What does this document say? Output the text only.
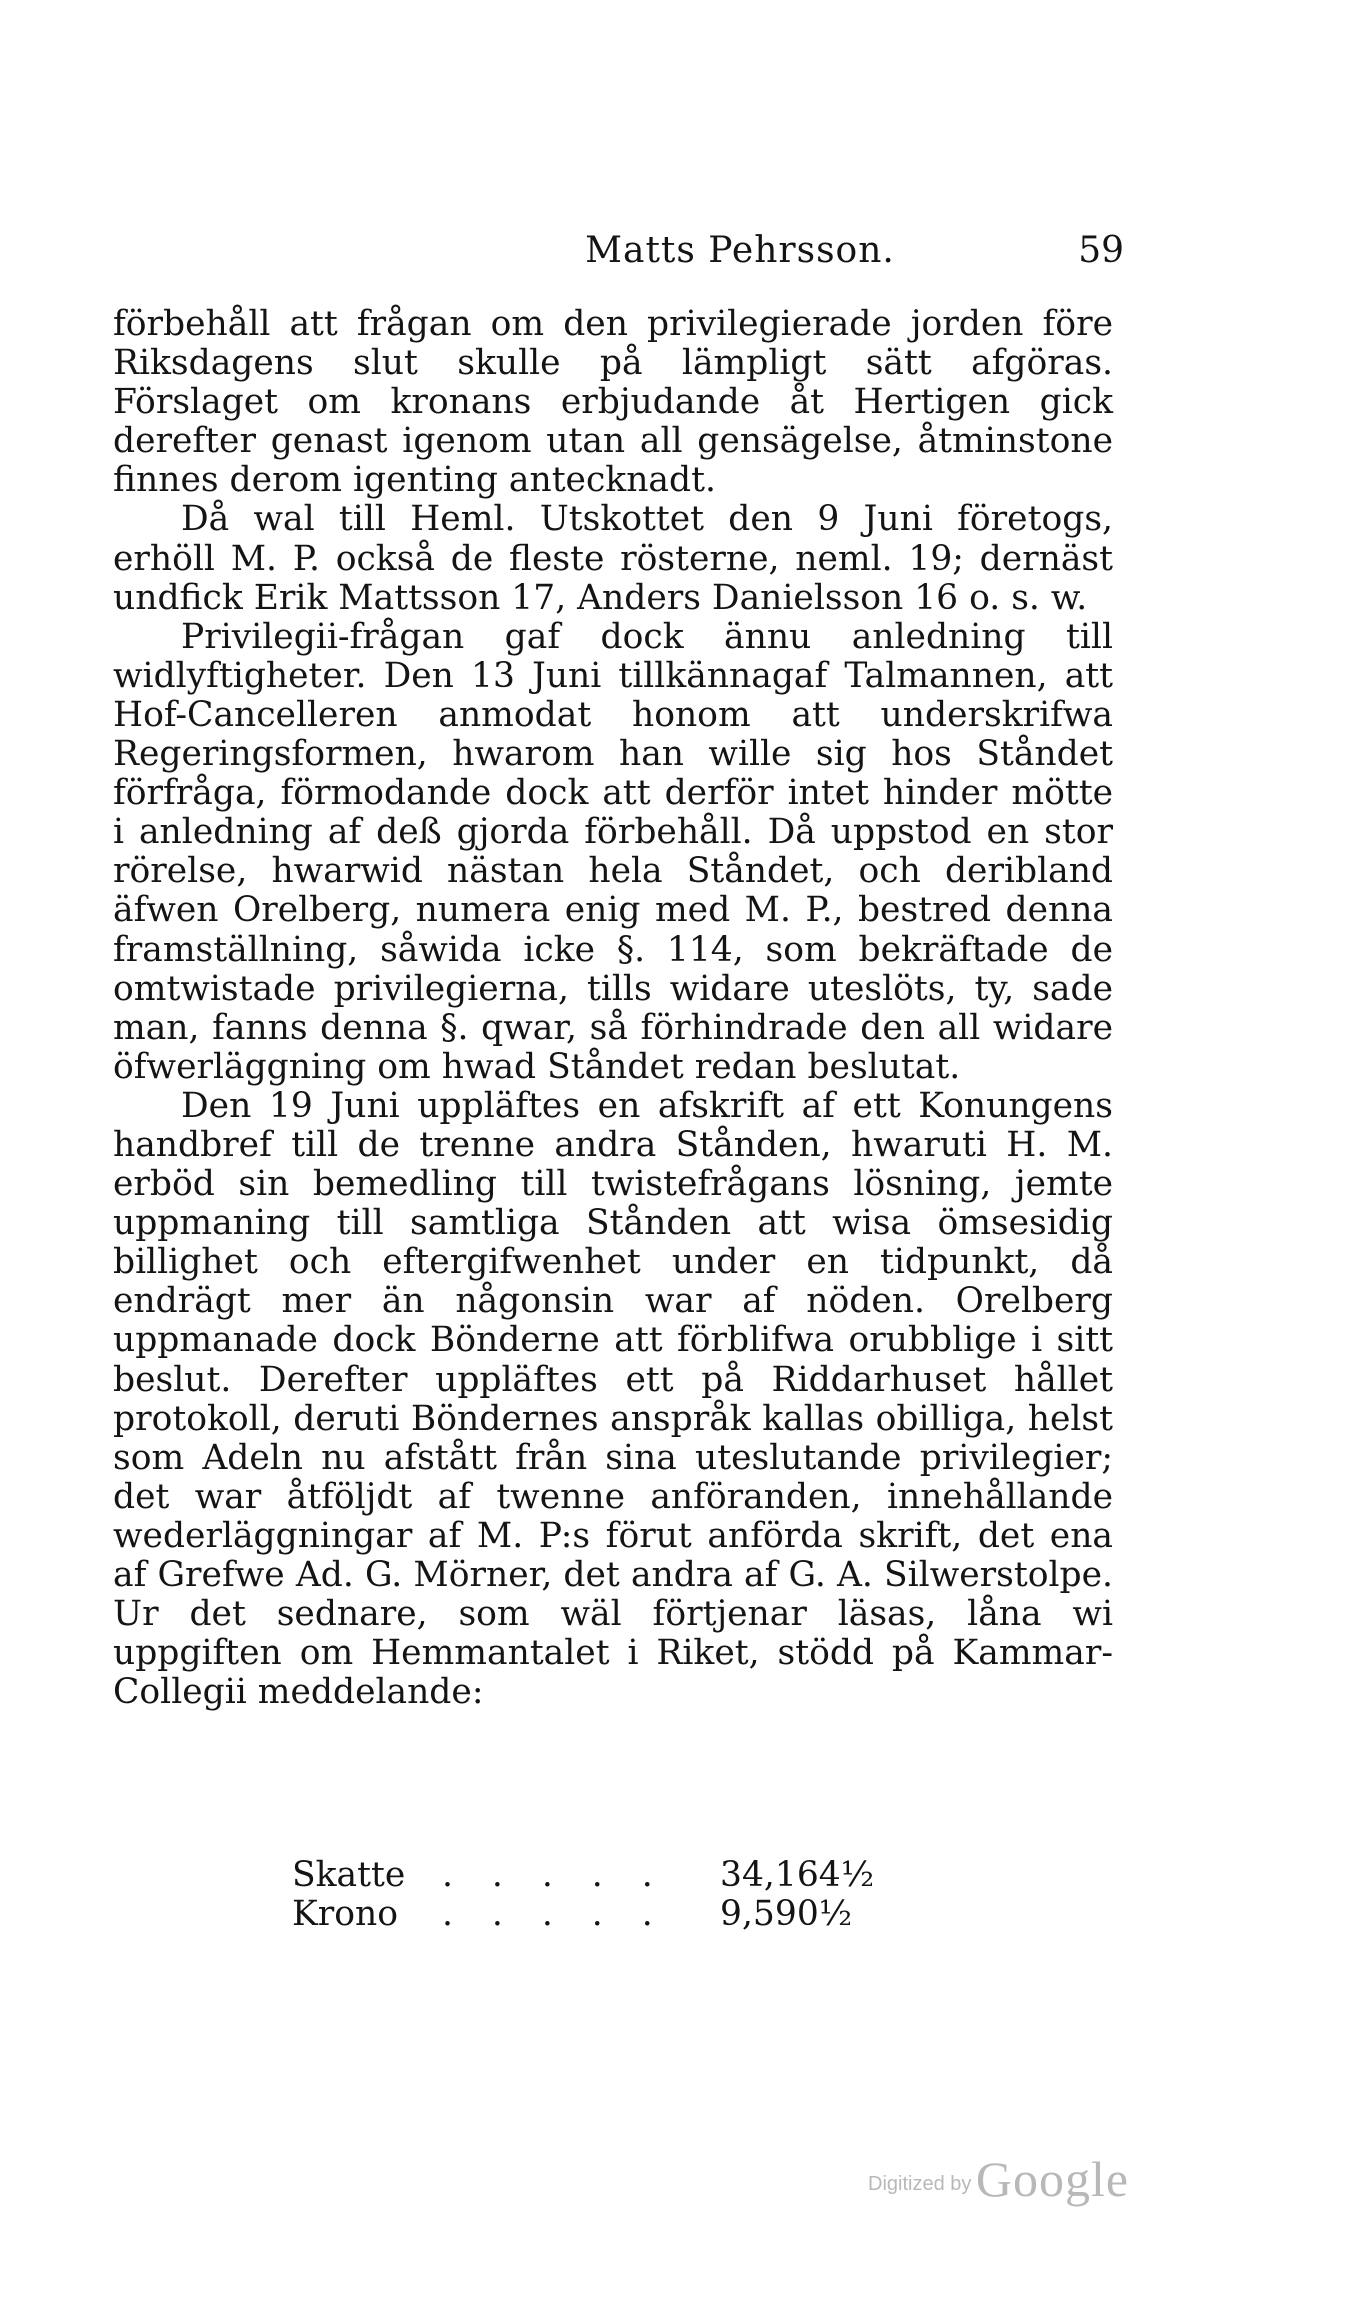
Matts Pehrsson.	59

förbehåll att frågan om den privilegierade jorden före Riksdagens slut skulle på lämpligt sätt afgöras. Förslaget om kronans erbjudande åt Hertigen gick derefter genast igenom utan all gensägelse, åtminstone finnes derom igenting antecknadt.

Då wal till Heml. Utskottet den 9 Juni företogs, erhöll M. P. också de fleste rösterne, neml. 19; dernäst undfick Erik Mattsson 17, Anders Danielsson 16 o. s. w.

Privilegii-frågan gaf dock ännu anledning till widlyftigheter. Den 13 Juni tillkännagaf Talmannen, att Hof-Cancelleren anmodat honom att underskrifwa Regeringsformen, hwarom han wille sig hos Ståndet förfråga, förmodande dock att derför intet hinder mötte i anledning af deß gjorda förbehåll. Då uppstod en stor rörelse, hwarwid nästan hela Ståndet, och deribland äfwen Orelberg, numera enig med M. P., bestred denna framställning, såwida icke §. 114, som bekräftade de omtwistade privilegierna, tills widare uteslöts, ty, sade man, fanns denna §. qwar, så förhindrade den all widare öfwerläggning om hwad Ståndet redan beslutat.

Den 19 Juni uppläftes en afskrift af ett Konungens handbref till de trenne andra Stånden, hwaruti H. M. erböd sin bemedling till twistefrågans lösning, jemte uppmaning till samtliga Stånden att wisa ömsesidig billighet och eftergifwenhet under en tidpunkt, då endrägt mer än någonsin war af nöden. Orelberg uppmanade dock Bönderne att förblifwa orubblige i sitt beslut. Derefter uppläftes ett på Riddarhuset hållet protokoll, deruti Böndernes anspråk kallas obilliga, helst som Adeln nu afstått från sina uteslutande privilegier; det war åtföljdt af twenne anföranden, innehållande wederläggningar af M. P:s förut anförda skrift, det ena af Grefwe Ad. G. Mörner, det andra af G. A. Silwerstolpe. Ur det sednare, som wäl förtjenar läsas, låna wi uppgiften om Hemmantalet i Riket, stödd på Kammar-Collegii meddelande:

Skatte . . . . . 34,164½
Krono . . . . . 9,590½
Digitized by Google
